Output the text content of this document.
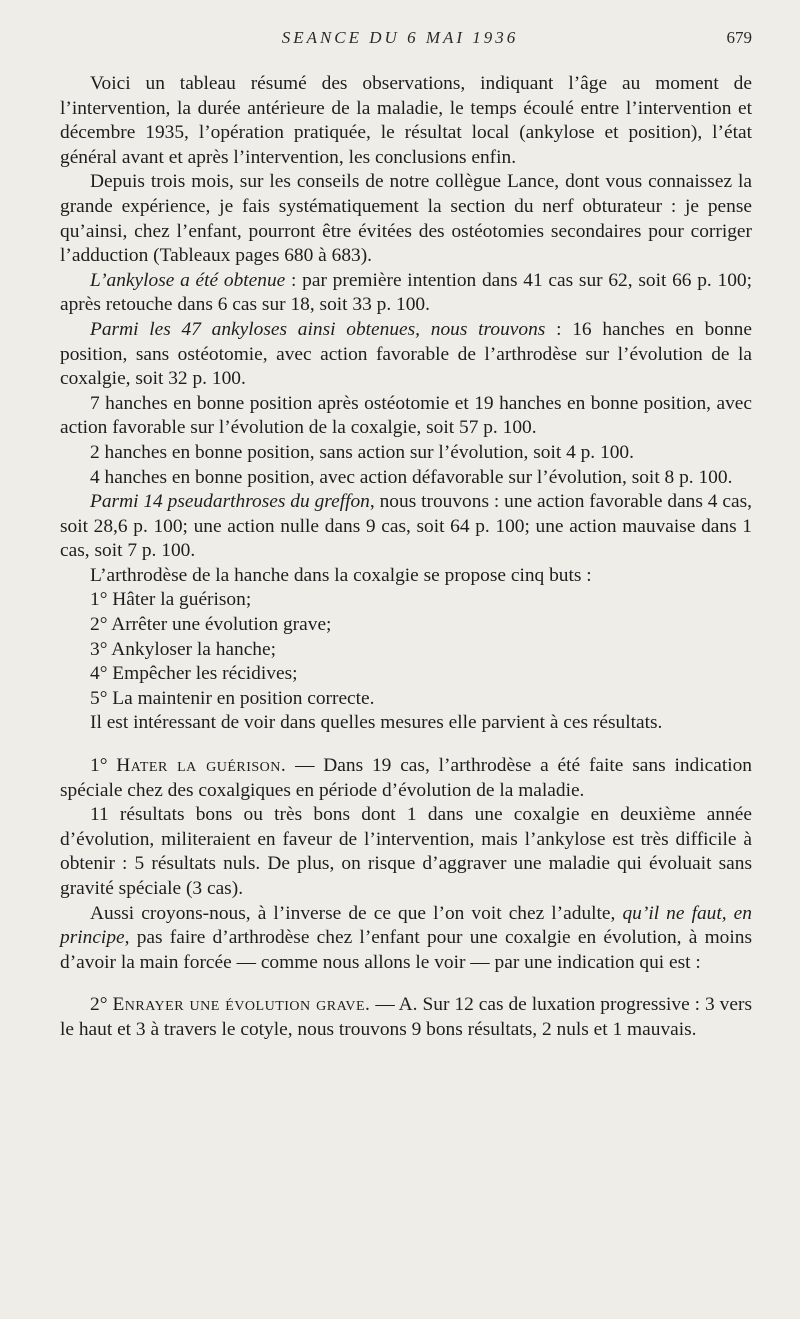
SEANCE DU 6 MAI 1936	679

Voici un tableau résumé des observations, indiquant l’âge au moment de l’intervention, la durée antérieure de la maladie, le temps écoulé entre l’intervention et décembre 1935, l’opération pratiquée, le résultat local (ankylose et position), l’état général avant et après l’intervention, les conclusions enfin.

Depuis trois mois, sur les conseils de notre collègue Lance, dont vous connaissez la grande expérience, je fais systématiquement la section du nerf obturateur : je pense qu’ainsi, chez l’enfant, pourront être évitées des ostéotomies secondaires pour corriger l’adduction (Tableaux pages 680 à 683).

L’ankylose a été obtenue : par première intention dans 41 cas sur 62, soit 66 p. 100; après retouche dans 6 cas sur 18, soit 33 p. 100.

Parmi les 47 ankyloses ainsi obtenues, nous trouvons : 16 hanches en bonne position, sans ostéotomie, avec action favorable de l’arthrodèse sur l’évolution de la coxalgie, soit 32 p. 100.

7 hanches en bonne position après ostéotomie et 19 hanches en bonne position, avec action favorable sur l’évolution de la coxalgie, soit 57 p. 100.

2 hanches en bonne position, sans action sur l’évolution, soit 4 p. 100.

4 hanches en bonne position, avec action défavorable sur l’évolution, soit 8 p. 100.

Parmi 14 pseudarthroses du greffon, nous trouvons : une action favorable dans 4 cas, soit 28,6 p. 100; une action nulle dans 9 cas, soit 64 p. 100; une action mauvaise dans 1 cas, soit 7 p. 100.

L’arthrodèse de la hanche dans la coxalgie se propose cinq buts :

1° Hâter la guérison;

2° Arrêter une évolution grave;

3° Ankyloser la hanche;

4° Empêcher les récidives;

5° La maintenir en position correcte.

Il est intéressant de voir dans quelles mesures elle parvient à ces résultats.

1° Hater la guérison. — Dans 19 cas, l’arthrodèse a été faite sans indication spéciale chez des coxalgiques en période d’évolution de la maladie.

11 résultats bons ou très bons dont 1 dans une coxalgie en deuxième année d’évolution, militeraient en faveur de l’intervention, mais l’ankylose est très difficile à obtenir : 5 résultats nuls. De plus, on risque d’aggraver une maladie qui évoluait sans gravité spéciale (3 cas).

Aussi croyons-nous, à l’inverse de ce que l’on voit chez l’adulte, qu’il ne faut, en principe, pas faire d’arthrodèse chez l’enfant pour une coxalgie en évolution, à moins d’avoir la main forcée — comme nous allons le voir — par une indication qui est :

2° Enrayer une évolution grave. — A. Sur 12 cas de luxation progressive : 3 vers le haut et 3 à travers le cotyle, nous trouvons 9 bons résultats, 2 nuls et 1 mauvais.
